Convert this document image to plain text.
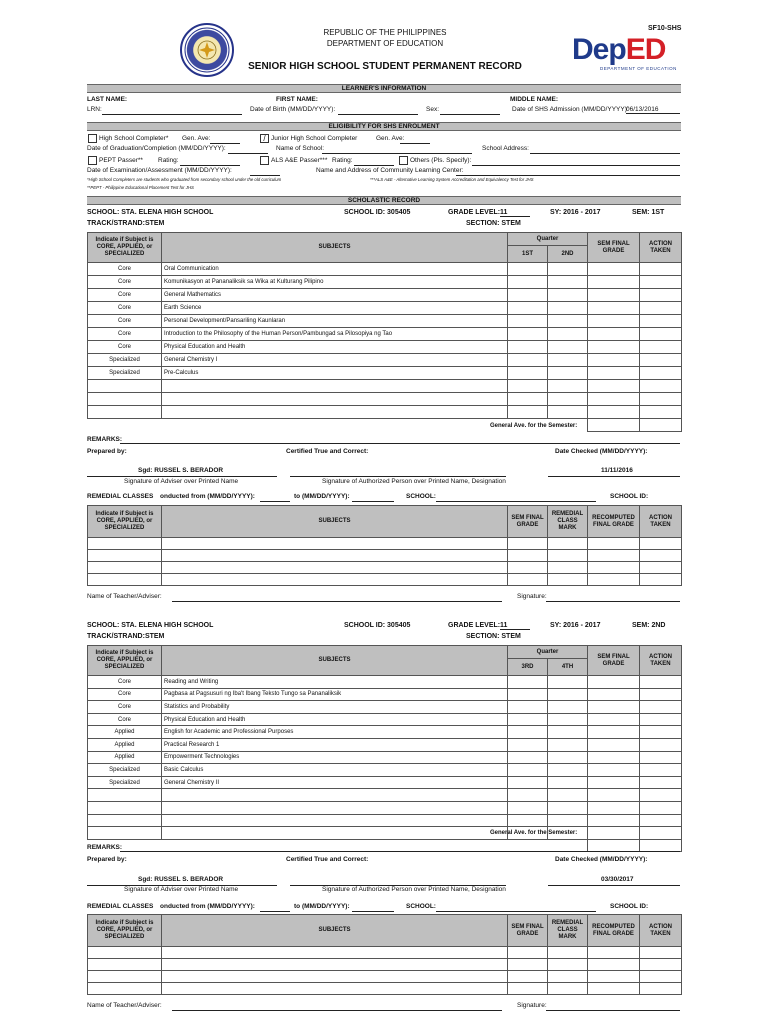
REPUBLIC OF THE PHILIPPINES
DEPARTMENT OF EDUCATION
SENIOR HIGH SCHOOL STUDENT PERMANENT RECORD
SF10-SHS
DepED
DEPARTMENT OF EDUCATION
LEARNER'S INFORMATION
LAST NAME:	FIRST NAME:	MIDDLE NAME:
LRN:	Date of Birth (MM/DD/YYYY):	Sex:	Date of SHS Admission (MM/DD/YYYY):
06/13/2016
ELIGIBILITY FOR SHS ENROLMENT
High School Completer* Gen. Ave:	/ Junior High School Completer	Gen. Ave:
Date of Graduation/Completion (MM/DD/YYYY):	Name of School:	School Address:
PEPT Passer** Rating:	ALS A&E Passer*** Rating:	Others (Pls. Specify):
Date of Examination/Assessment (MM/DD/YYYY):	Name and Address of Community Learning Center:
*High School Completers are students who graduated from secondary school under the old curriculum	***ALS A&E - Alternative Learning System Accreditation and Equivalency Test for JHS
**PEPT - Philippine Educational Placement Test for JHS
SCHOLASTIC RECORD
SCHOOL: STA. ELENA HIGH SCHOOL	SCHOOL ID: 305405	GRADE LEVEL: 11	SY: 2016 - 2017	SEM: 1ST
TRACK/STRAND:STEM	SECTION: STEM
Indicate if Subject is CORE, APPLIED, or SPECIALIZED	SUBJECTS	Quarter		SEM FINAL GRADE	ACTION TAKEN
		1ST	2ND		
Core	Oral Communication				
Core	Komunikasyon at Pananaliksik sa Wika at Kulturang Pilipino				
Core	General Mathematics				
Core	Earth Science				
Core	Personal Development/Pansariling Kaunlaran				
Core	Introduction to the Philosophy of the Human Person/Pambungad sa Pilosopiya ng Tao				
Core	Physical Education and Health				
Specialized	General Chemistry I				
Specialized	Pre-Calculus				

General Ave. for the Semester:
REMARKS:
Prepared by:	Certified True and Correct:	Date Checked (MM/DD/YYYY):
Sgd: RUSSEL S. BERADOR	11/11/2016
Signature of Adviser over Printed Name	Signature of Authorized Person over Printed Name, Designation
REMEDIAL CLASSES onducted from (MM/DD/YYYY):	to (MM/DD/YYYY):	SCHOOL:	SCHOOL ID:
Indicate if Subject is CORE, APPLIED, or SPECIALIZED	SUBJECTS	SEM FINAL GRADE	REMEDIAL CLASS MARK	RECOMPUTED FINAL GRADE	ACTION TAKEN

Name of Teacher/Adviser:	Signature:
SCHOOL: STA. ELENA HIGH SCHOOL	SCHOOL ID: 305405	GRADE LEVEL: 11	SY: 2016 - 2017	SEM: 2ND
TRACK/STRAND:STEM	SECTION: STEM
Indicate if Subject is CORE, APPLIED, or SPECIALIZED	SUBJECTS	Quarter		SEM FINAL GRADE	ACTION TAKEN
		3RD	4TH		
Core	Reading and Writing				
Core	Pagbasa at Pagsusuri ng Iba't Ibang Teksto Tungo sa Pananaliksik				
Core	Statistics and Probability				
Core	Physical Education and Health				
Applied	English for Academic and Professional Purposes				
Applied	Practical Research 1				
Applied	Empowerment Technologies				
Specialized	Basic Calculus				
Specialized	General Chemistry II				

General Ave. for the Semester:
REMARKS:
Prepared by:	Certified True and Correct:	Date Checked (MM/DD/YYYY):
Sgd: RUSSEL S. BERADOR	03/30/2017
Signature of Adviser over Printed Name	Signature of Authorized Person over Printed Name, Designation
REMEDIAL CLASSES onducted from (MM/DD/YYYY):	to (MM/DD/YYYY):	SCHOOL:	SCHOOL ID:
Indicate if Subject is CORE, APPLIED, or SPECIALIZED	SUBJECTS	SEM FINAL GRADE	REMEDIAL CLASS MARK	RECOMPUTED FINAL GRADE	ACTION TAKEN

Name of Teacher/Adviser:	Signature:
